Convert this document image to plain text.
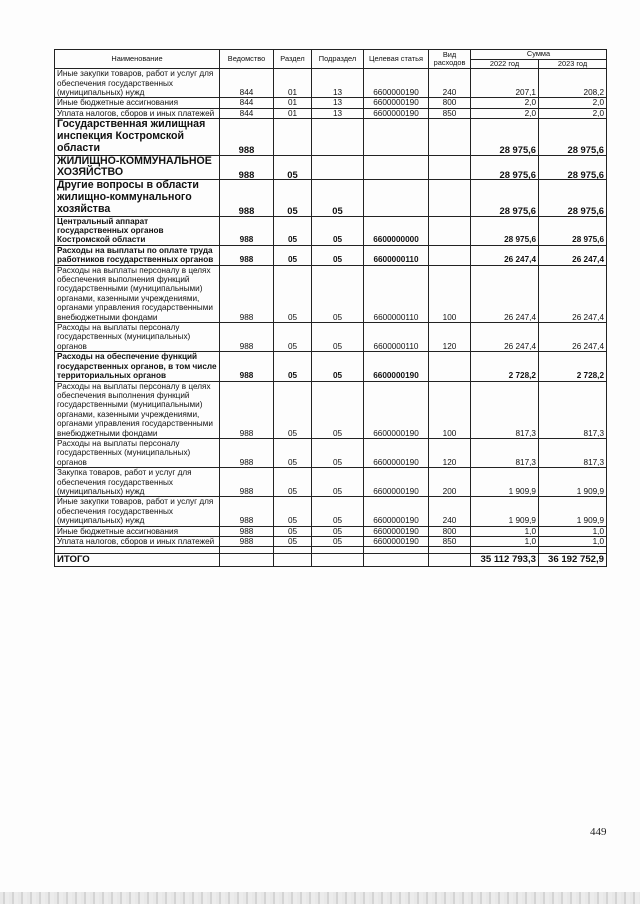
Наименование	Ведомство	Раздел	Подраздел	Целевая статья	Вид расходов	Сумма	
						2022 год	2023 год
Иные закупки товаров, работ и услуг для обеспечения государственных (муниципальных) нужд	844	01	13	6600000190	240	207,1	208,2
Иные бюджетные ассигнования	844	01	13	6600000190	800	2,0	2,0
Уплата налогов, сборов и иных платежей	844	01	13	6600000190	850	2,0	2,0
Государственная жилищная инспекция Костромской области	988					28 975,6	28 975,6
ЖИЛИЩНО-КОММУНАЛЬНОЕ ХОЗЯЙСТВО	988	05				28 975,6	28 975,6
Другие вопросы в области жилищно-коммунального хозяйства	988	05	05			28 975,6	28 975,6
Центральный аппарат государственных органов Костромской области	988	05	05	6600000000		28 975,6	28 975,6
Расходы на выплаты по оплате труда работников государственных органов	988	05	05	6600000110		26 247,4	26 247,4
Расходы на выплаты персоналу в целях обеспечения выполнения функций государственными (муниципальными) органами, казенными учреждениями, органами управления государственными внебюджетными фондами	988	05	05	6600000110	100	26 247,4	26 247,4
Расходы на выплаты персоналу государственных (муниципальных) органов	988	05	05	6600000110	120	26 247,4	26 247,4
Расходы на обеспечение функций государственных органов, в том числе территориальных органов	988	05	05	6600000190		2 728,2	2 728,2
Расходы на выплаты персоналу в целях обеспечения выполнения функций государственными (муниципальными) органами, казенными учреждениями, органами управления государственными внебюджетными фондами	988	05	05	6600000190	100	817,3	817,3
Расходы на выплаты персоналу государственных (муниципальных) органов	988	05	05	6600000190	120	817,3	817,3
Закупка товаров, работ и услуг для обеспечения государственных (муниципальных) нужд	988	05	05	6600000190	200	1 909,9	1 909,9
Иные закупки товаров, работ и услуг для обеспечения государственных (муниципальных) нужд	988	05	05	6600000190	240	1 909,9	1 909,9
Иные бюджетные ассигнования	988	05	05	6600000190	800	1,0	1,0
Уплата налогов, сборов и иных платежей	988	05	05	6600000190	850	1,0	1,0

ИТОГО						35 112 793,3	36 192 752,9
449
